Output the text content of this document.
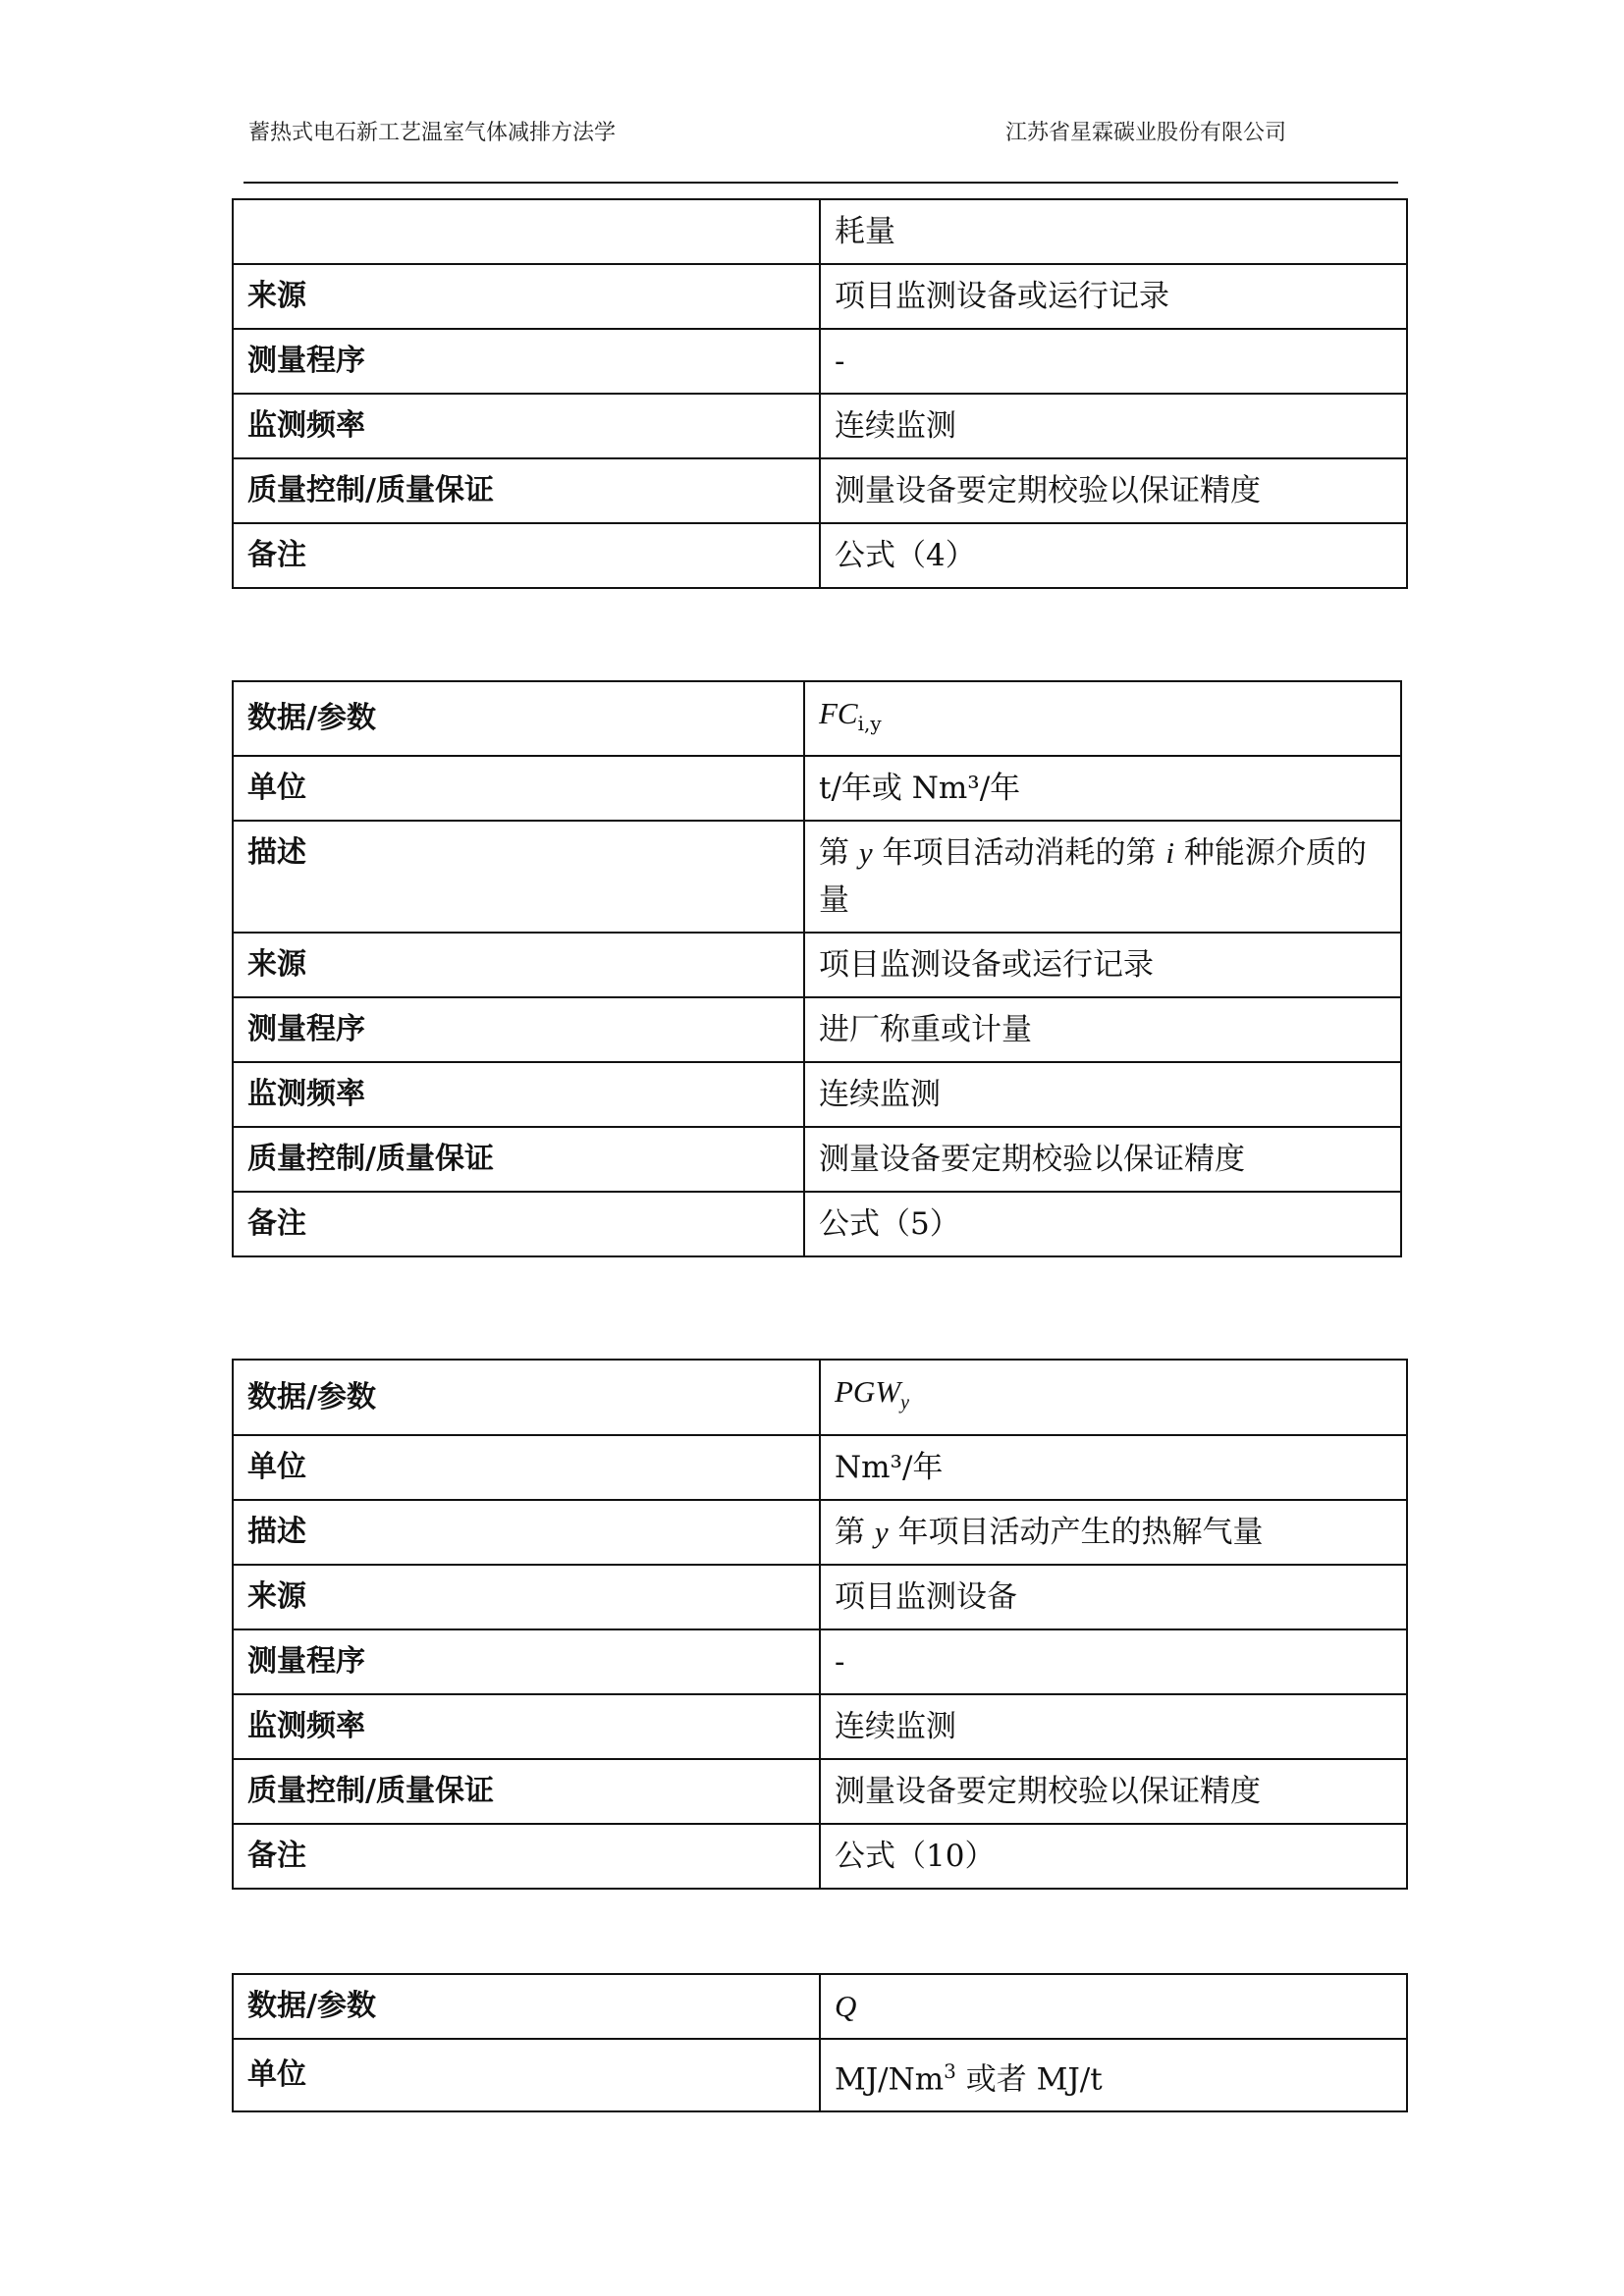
蓄热式电石新工艺温室气体减排方法学	江苏省星霖碳业股份有限公司
	耗量
来源	项目监测设备或运行记录
测量程序	-
监测频率	连续监测
质量控制/质量保证	测量设备要定期校验以保证精度
备注	公式（4）
数据/参数	$FC_{i,y}$
单位	t/年或 Nm³/年
描述	第 y 年项目活动消耗的第 i 种能源介质的量
来源	项目监测设备或运行记录
测量程序	进厂称重或计量
监测频率	连续监测
质量控制/质量保证	测量设备要定期校验以保证精度
备注	公式（5）
数据/参数	$PGW_y$
单位	Nm³/年
描述	第 y 年项目活动产生的热解气量
来源	项目监测设备
测量程序	-
监测频率	连续监测
质量控制/质量保证	测量设备要定期校验以保证精度
备注	公式（10）
数据/参数	Q
单位	MJ/Nm$^3$ 或者 MJ/t
